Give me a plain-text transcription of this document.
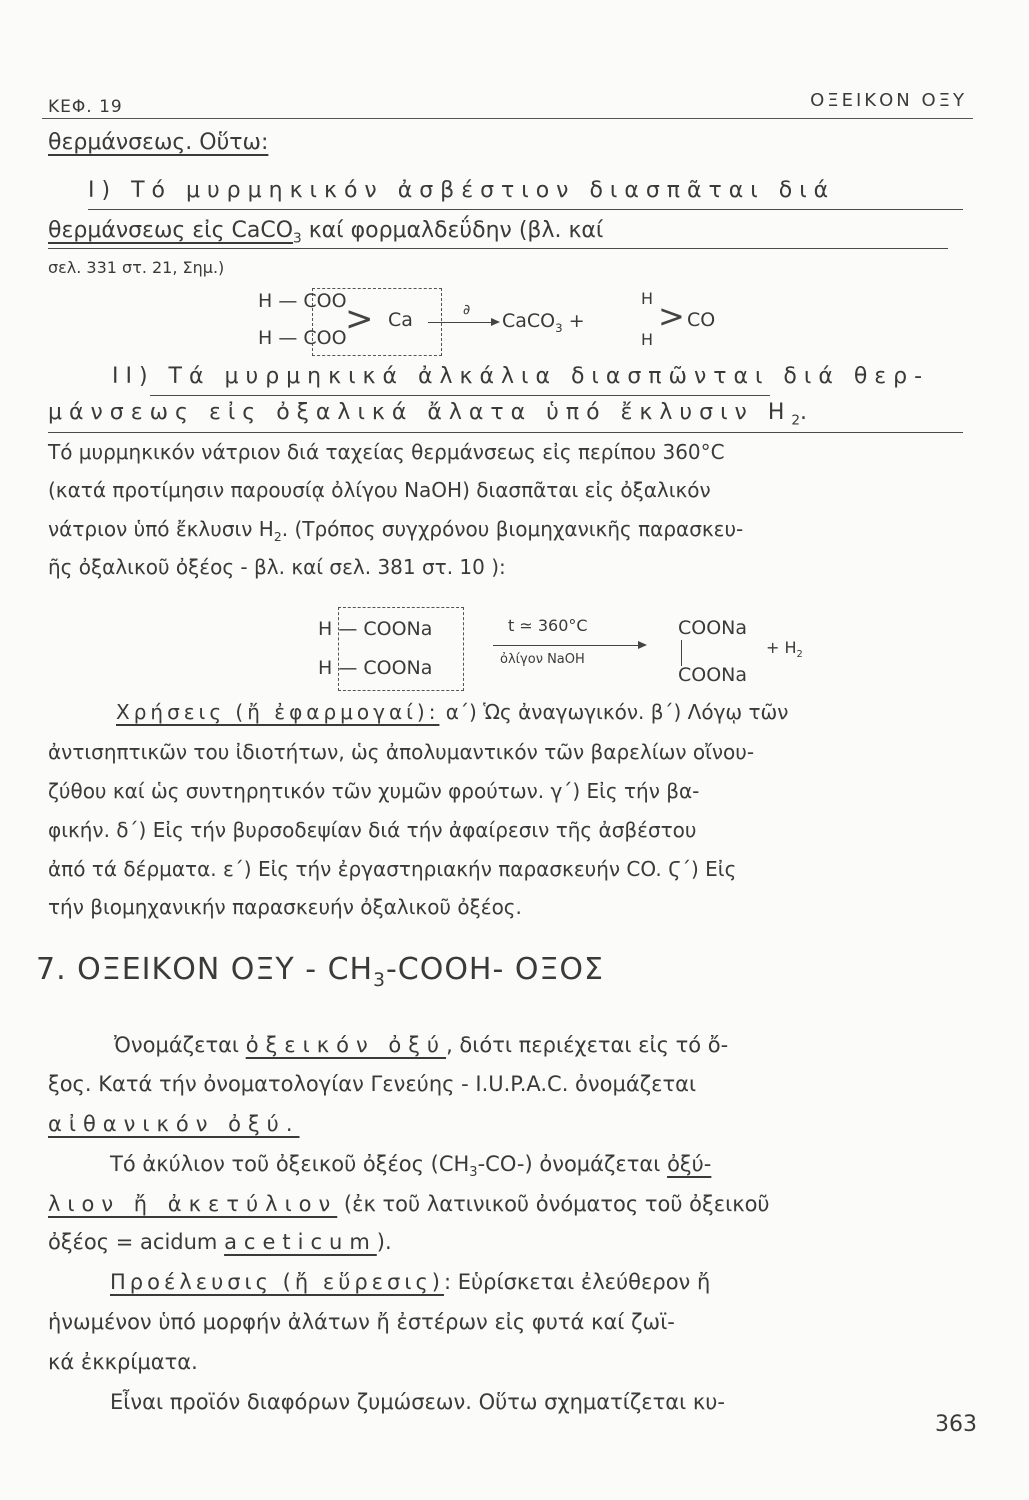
ΚΕΦ. 19	ΟΞΕΙΚΟΝ ΟΞΥ
θερμάνσεως. Οὕτω:
Ι) Τό μυρμηκικόν ἀσβέστιον διασπᾶται διά
θερμάνσεως εἰς CaCO$_3$ καί φορμαλδεΰδην (βλ. καί
σελ. 331 στ. 21, Σημ.)
H — COO
H — COO
> Ca	∂ CaCO$_3$ +
H
H
> CO
ΙΙ) Τά μυρμηκικά ἀλκάλια διασπῶνται διά θερ-
μάνσεως εἰς ὀξαλικά ἄλατα ὑπό ἔκλυσιν $H_2$.
Τό μυρμηκικόν νάτριον διά ταχείας θερμάνσεως εἰς περίπου 360°C
(κατά προτίμησιν παρουσίᾳ ὀλίγου NaOH) διασπᾶται εἰς ὀξαλικόν
νάτριον ὑπό ἔκλυσιν $H_2$. (Τρόπος συγχρόνου βιομηχανικῆς παρασκευ-
ῆς ὀξαλικοῦ ὀξέος - βλ. καί σελ. 381 στ. 10 ):
H — COONa
H — COONa
t ≃ 360°C
ὀλίγον NaOH
COONa
COONa
+ $H_2$
Χρήσεις (ἤ ἐφαρμογαί): α΄) Ὡς ἀναγωγικόν. β΄) Λόγῳ τῶν
ἀντισηπτικῶν του ἰδιοτήτων, ὡς ἀπολυμαντικόν τῶν βαρελίων οἴνου-
ζύθου καί ὡς συντηρητικόν τῶν χυμῶν φρούτων. γ΄) Εἰς τήν βα-
φικήν. δ΄) Εἰς τήν βυρσοδεψίαν διά τήν ἀφαίρεσιν τῆς ἀσβέστου
ἀπό τά δέρματα. ε΄) Εἰς τήν ἐργαστηριακήν παρασκευήν CO. Ϛ΄) Εἰς
τήν βιομηχανικήν παρασκευήν ὀξαλικοῦ ὀξέος.
7. ΟΞΕΙΚΟΝ ΟΞΥ - $CH_3-COOH-$ ΟΞΟΣ
Ὀνομάζεται ὀξεικόν ὀξύ, διότι περιέχεται εἰς τό ὄ-
ξος. Κατά τήν ὀνοματολογίαν Γενεύης - I.U.P.A.C. ὀνομάζεται
αἰθανικόν ὀξύ.
Τό ἀκύλιον τοῦ ὀξεικοῦ ὀξέος $(CH_3-CO-)$ ὀνομάζεται ὀξύ-
λιον ἤ ἀκετύλιον (ἐκ τοῦ λατινικοῦ ὀνόματος τοῦ ὀξεικοῦ
ὀξέος = acidum aceticum).
Προέλευσις (ἤ εὕρεσις): Εὑρίσκεται ἐλεύθερον ἤ
ἡνωμένον ὑπό μορφήν ἀλάτων ἤ ἐστέρων εἰς φυτά καί ζωϊ-
κά ἐκκρίματα.
Εἶναι προϊόν διαφόρων ζυμώσεων. Οὕτω σχηματίζεται κυ-
363
